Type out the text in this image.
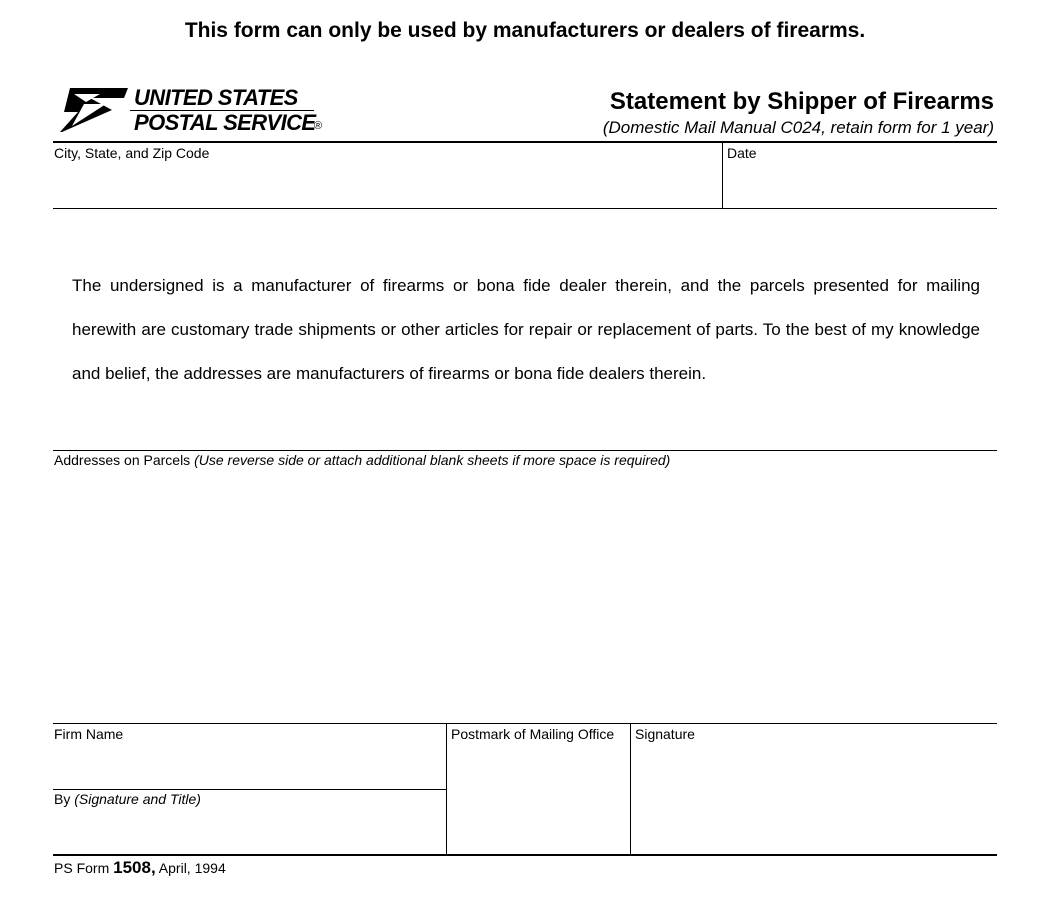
This form can only be used by manufacturers or dealers of firearms.
UNITED STATES
POSTAL SERVICE
®
Statement by Shipper of Firearms
(Domestic Mail Manual C024, retain form for 1 year)
City, State, and Zip Code	Date
The undersigned is a manufacturer of firearms or bona fide dealer therein, and the parcels presented for mailing herewith are customary trade shipments or other articles for repair or replacement of parts. To the best of my knowledge and belief, the addresses are manufacturers of firearms or bona fide dealers therein.
Addresses on Parcels (Use reverse side or attach additional blank sheets if more space is required)
Firm Name
By (Signature and Title)
Postmark of Mailing Office Signature
PS Form 1508, April, 1994
